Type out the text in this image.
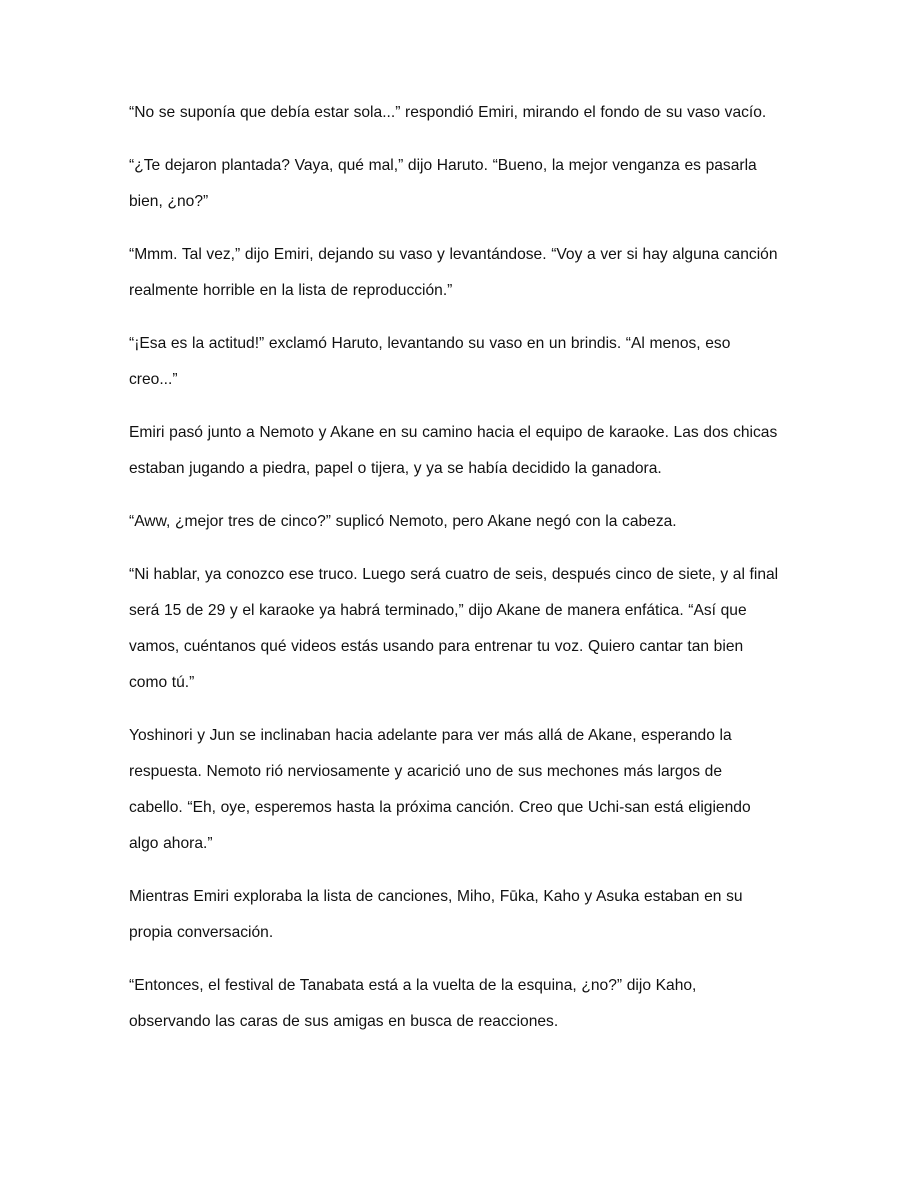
“No se suponía que debía estar sola...” respondió Emiri, mirando el fondo de su vaso vacío.

“¿Te dejaron plantada? Vaya, qué mal,” dijo Haruto. “Bueno, la mejor venganza es pasarla bien, ¿no?”

“Mmm. Tal vez,” dijo Emiri, dejando su vaso y levantándose. “Voy a ver si hay alguna canción realmente horrible en la lista de reproducción.”

“¡Esa es la actitud!” exclamó Haruto, levantando su vaso en un brindis. “Al menos, eso creo...”

Emiri pasó junto a Nemoto y Akane en su camino hacia el equipo de karaoke. Las dos chicas estaban jugando a piedra, papel o tijera, y ya se había decidido la ganadora.

“Aww, ¿mejor tres de cinco?” suplicó Nemoto, pero Akane negó con la cabeza.

“Ni hablar, ya conozco ese truco. Luego será cuatro de seis, después cinco de siete, y al final será 15 de 29 y el karaoke ya habrá terminado,” dijo Akane de manera enfática. “Así que vamos, cuéntanos qué videos estás usando para entrenar tu voz. Quiero cantar tan bien como tú.”

Yoshinori y Jun se inclinaban hacia adelante para ver más allá de Akane, esperando la respuesta. Nemoto rió nerviosamente y acarició uno de sus mechones más largos de cabello. “Eh, oye, esperemos hasta la próxima canción. Creo que Uchi-san está eligiendo algo ahora.”

Mientras Emiri exploraba la lista de canciones, Miho, Fūka, Kaho y Asuka estaban en su propia conversación.

“Entonces, el festival de Tanabata está a la vuelta de la esquina, ¿no?” dijo Kaho, observando las caras de sus amigas en busca de reacciones.
